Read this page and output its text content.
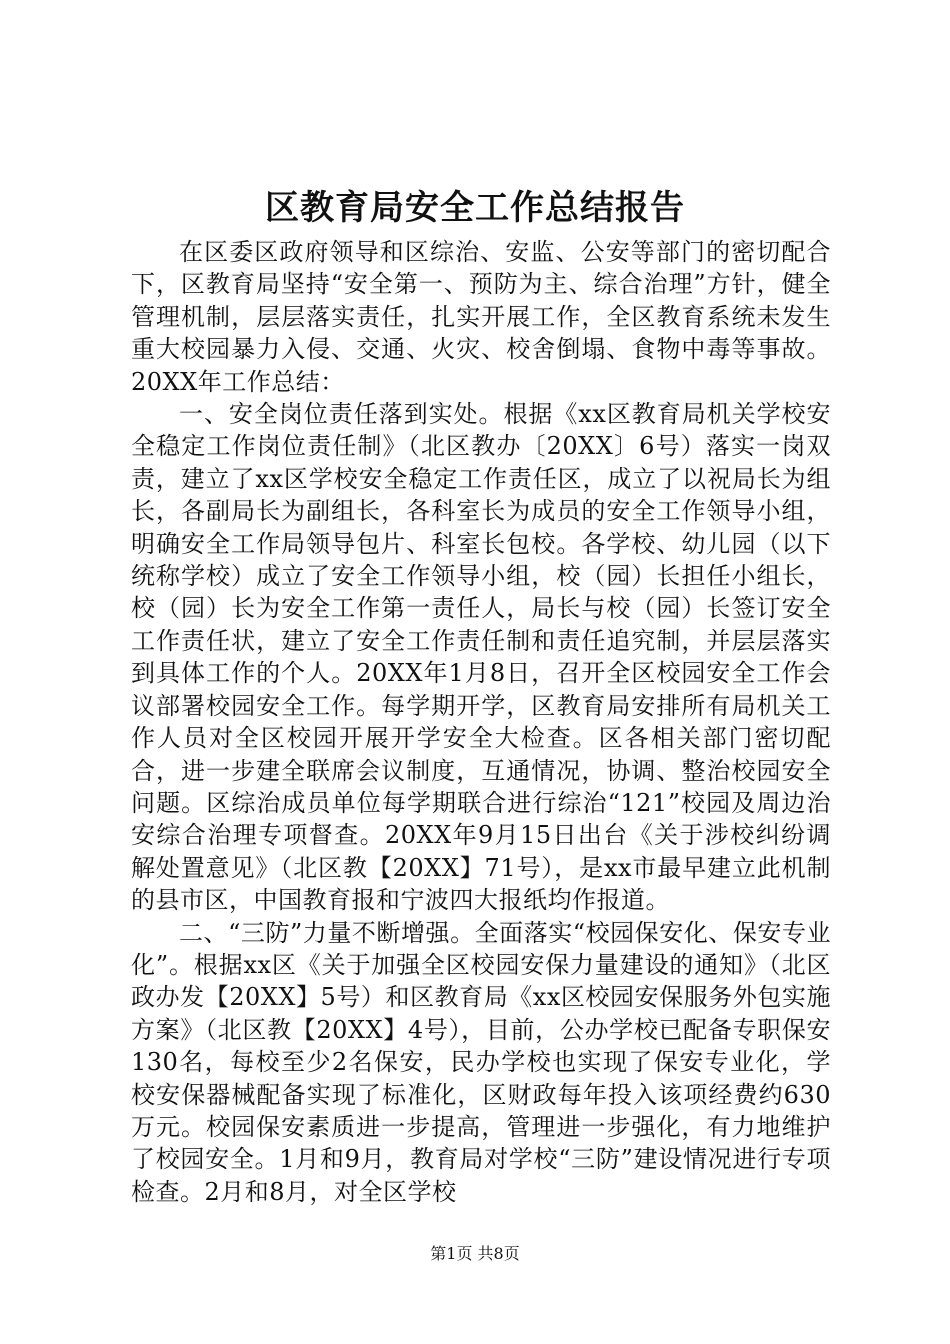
区教育局安全工作总结报告

在区委区政府领导和区综治、安监、公安等部门的密切配合下，区教育局坚持“安全第一、预防为主、综合治理”方针，健全管理机制，层层落实责任，扎实开展工作，全区教育系统未发生重大校园暴力入侵、交通、火灾、校舍倒塌、食物中毒等事故。20XX年工作总结：

一、安全岗位责任落到实处。根据《xx区教育局机关学校安全稳定工作岗位责任制》（北区教办〔20XX〕6号）落实一岗双责，建立了xx区学校安全稳定工作责任区，成立了以祝局长为组长，各副局长为副组长，各科室长为成员的安全工作领导小组，明确安全工作局领导包片、科室长包校。各学校、幼儿园（以下统称学校）成立了安全工作领导小组，校（园）长担任小组长，校（园）长为安全工作第一责任人，局长与校（园）长签订安全工作责任状，建立了安全工作责任制和责任追究制，并层层落实到具体工作的个人。20XX年1月8日，召开全区校园安全工作会议部署校园安全工作。每学期开学，区教育局安排所有局机关工作人员对全区校园开展开学安全大检查。区各相关部门密切配合，进一步建全联席会议制度，互通情况，协调、整治校园安全问题。区综治成员单位每学期联合进行综治“121”校园及周边治安综合治理专项督查。20XX年9月15日出台《关于涉校纠纷调解处置意见》（北区教【20XX】71号），是xx市最早建立此机制的县市区，中国教育报和宁波四大报纸均作报道。

二、“三防”力量不断增强。全面落实“校园保安化、保安专业化”。根据xx区《关于加强全区校园安保力量建设的通知》（北区政办发【20XX】5号）和区教育局《xx区校园安保服务外包实施方案》（北区教【20XX】4号），目前，公办学校已配备专职保安130名，每校至少2名保安，民办学校也实现了保安专业化，学校安保器械配备实现了标准化，区财政每年投入该项经费约630万元。校园保安素质进一步提高，管理进一步强化，有力地维护了校园安全。1月和9月，教育局对学校“三防”建设情况进行专项检查。2月和8月，对全区学校

第1页 共8页
